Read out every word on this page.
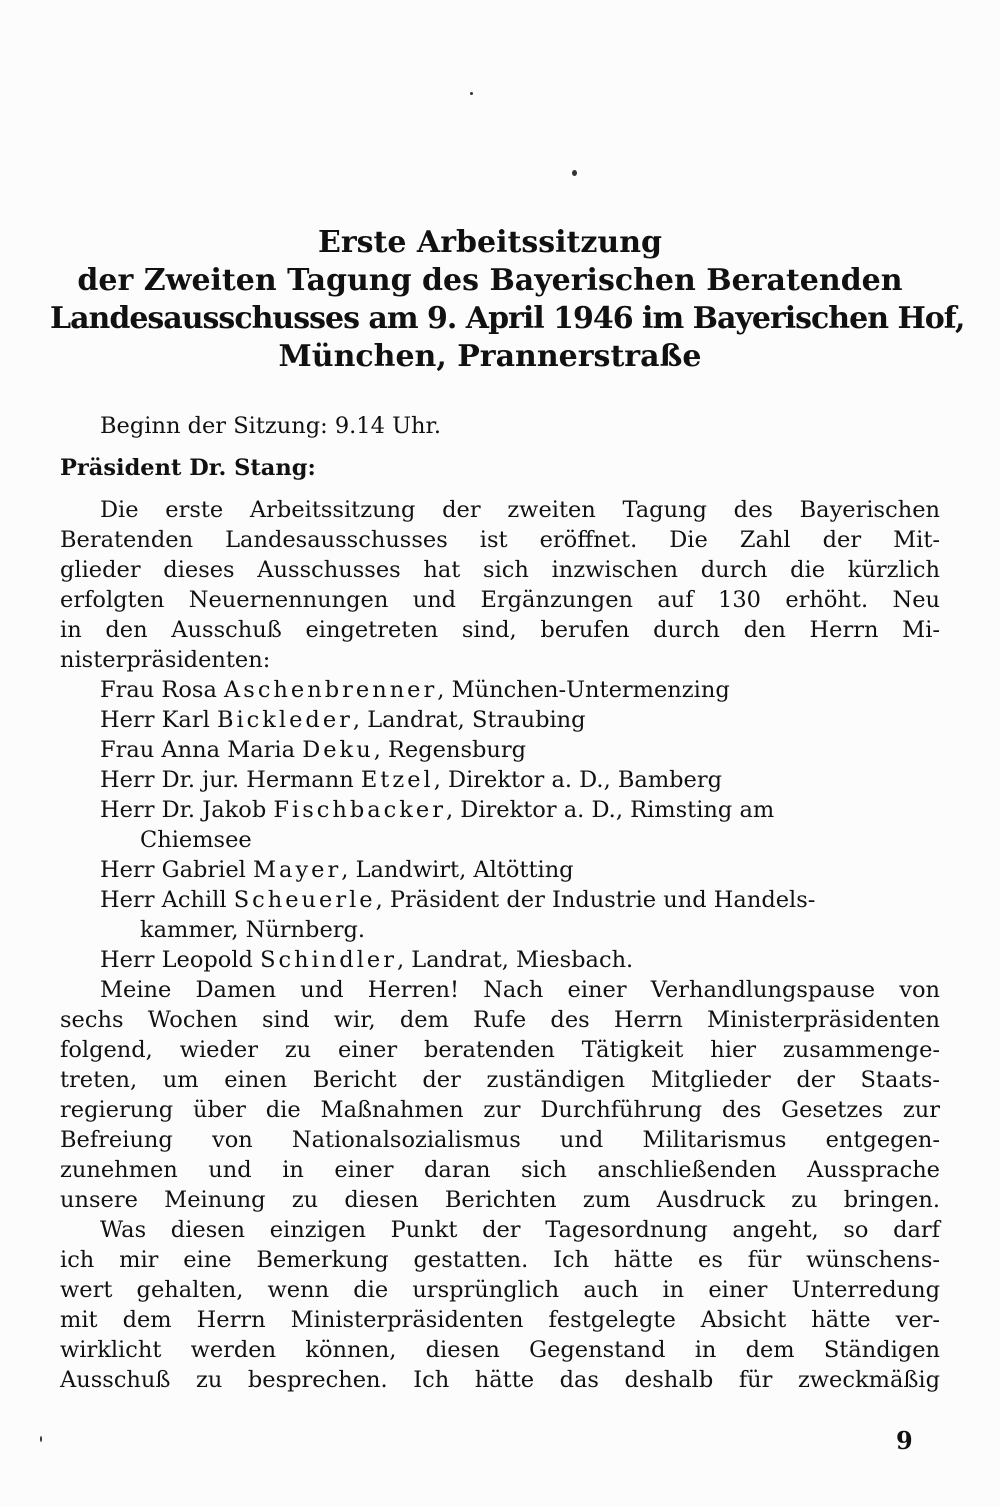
Erste Arbeitssitzung
der Zweiten Tagung des Bayerischen Beratenden
Landesausschusses am 9. April 1946 im Bayerischen Hof,
München, Prannerstraße
Beginn der Sitzung: 9.14 Uhr.
Präsident Dr. Stang:
Die erste Arbeitssitzung der zweiten Tagung des Bayerischen
Beratenden Landesausschusses ist eröffnet. Die Zahl der Mit-
glieder dieses Ausschusses hat sich inzwischen durch die kürzlich
erfolgten Neuernennungen und Ergänzungen auf 130 erhöht. Neu
in den Ausschuß eingetreten sind, berufen durch den Herrn Mi-
nisterpräsidenten:
Frau Rosa Aschenbrenner, München-Untermenzing
Herr Karl Bickleder, Landrat, Straubing
Frau Anna Maria Deku, Regensburg
Herr Dr. jur. Hermann Etzel, Direktor a. D., Bamberg
Herr Dr. Jakob Fischbacker, Direktor a. D., Rimsting am
Chiemsee
Herr Gabriel Mayer, Landwirt, Altötting
Herr Achill Scheuerle, Präsident der Industrie und Handels-
kammer, Nürnberg.
Herr Leopold Schindler, Landrat, Miesbach.
Meine Damen und Herren! Nach einer Verhandlungspause von
sechs Wochen sind wir, dem Rufe des Herrn Ministerpräsidenten
folgend, wieder zu einer beratenden Tätigkeit hier zusammenge-
treten, um einen Bericht der zuständigen Mitglieder der Staats-
regierung über die Maßnahmen zur Durchführung des Gesetzes zur
Befreiung von Nationalsozialismus und Militarismus entgegen-
zunehmen und in einer daran sich anschließenden Aussprache
unsere Meinung zu diesen Berichten zum Ausdruck zu bringen.
Was diesen einzigen Punkt der Tagesordnung angeht, so darf
ich mir eine Bemerkung gestatten. Ich hätte es für wünschens-
wert gehalten, wenn die ursprünglich auch in einer Unterredung
mit dem Herrn Ministerpräsidenten festgelegte Absicht hätte ver-
wirklicht werden können, diesen Gegenstand in dem Ständigen
Ausschuß zu besprechen. Ich hätte das deshalb für zweckmäßig
9
